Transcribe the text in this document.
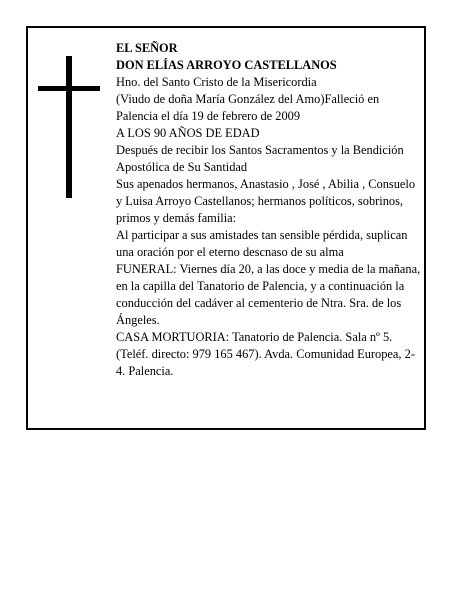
EL SEÑOR

DON ELÍAS ARROYO CASTELLANOS

Hno. del Santo Cristo de la Misericordia

(Viudo de doña María González del Amo)Falleció en Palencia el día 19 de febrero de 2009

A LOS 90 AÑOS DE EDAD

Después de recibir los Santos Sacramentos y la Bendición Apostólica de Su Santidad

Sus apenados hermanos, Anastasio , José , Abilia , Consuelo y Luisa Arroyo Castellanos; hermanos políticos, sobrinos, primos y demás familia:

Al participar a sus amistades tan sensible pérdida, suplican una oración por el eterno descnaso de su alma

FUNERAL: Viernes día 20, a las doce y media de la mañana, en la capilla del Tanatorio de Palencia, y a continuación la conducción del cadáver al cementerio de Ntra. Sra. de los Ángeles.

CASA MORTUORIA: Tanatorio de Palencia. Sala nº 5. (Teléf. directo: 979 165 467). Avda. Comunidad Europea, 2-4. Palencia.
